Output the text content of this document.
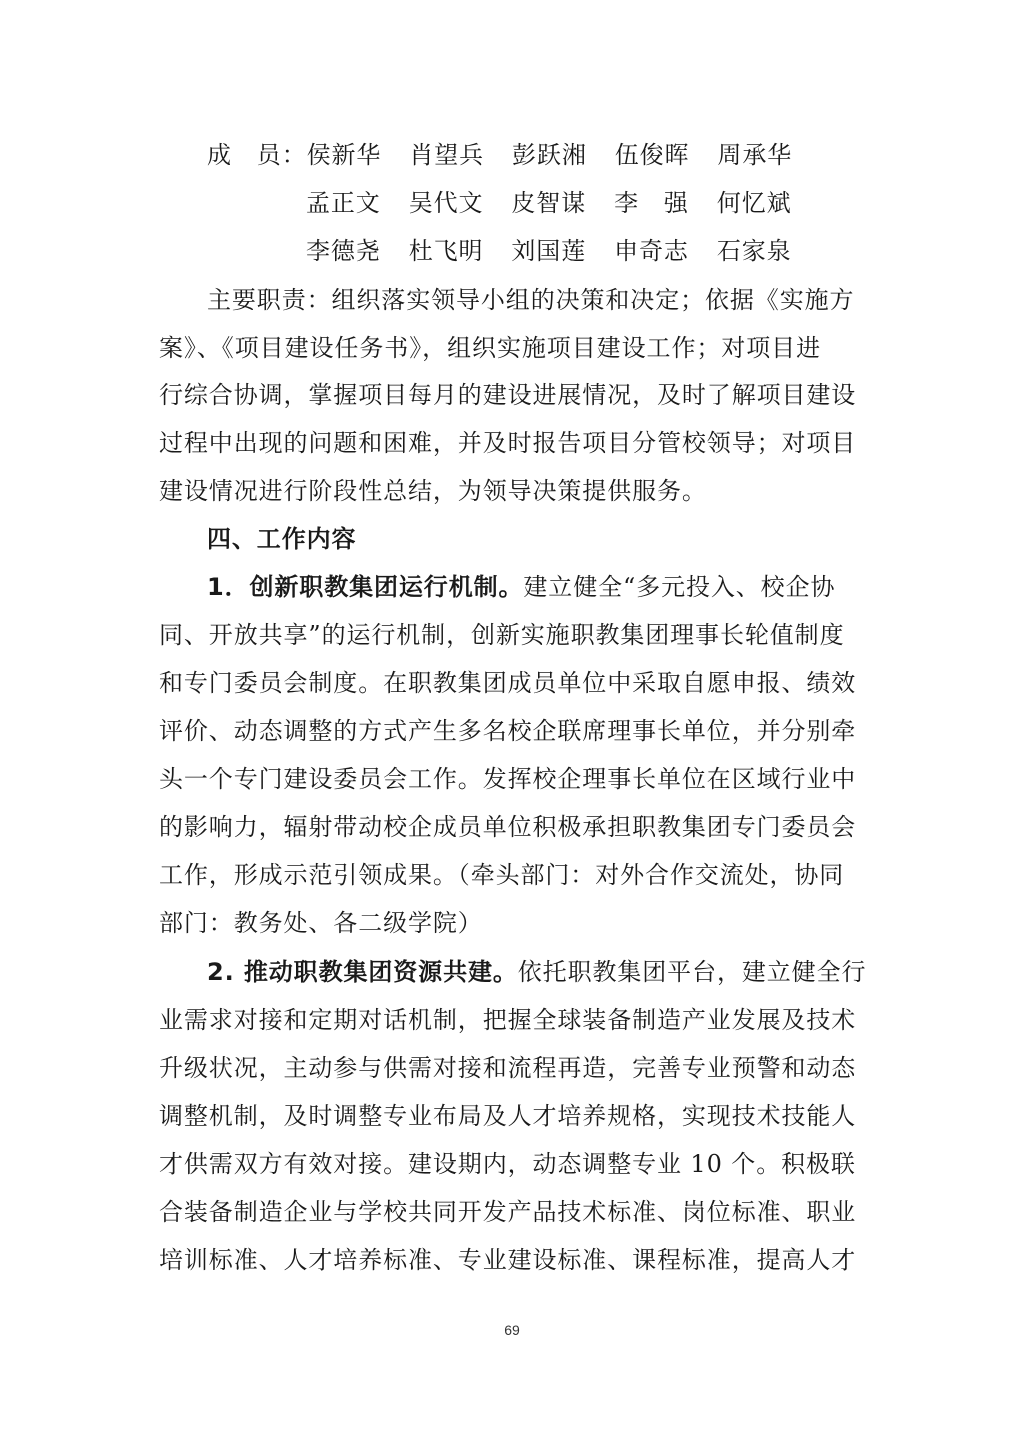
成　员：侯新华 肖望兵 彭跃湘 伍俊晖 周承华
孟正文 吴代文 皮智谋 李　强 何忆斌
李德尧 杜飞明 刘国莲 申奇志 石家泉
主要职责：组织落实领导小组的决策和决定；依据《实施方
案》、《项目建设任务书》，组织实施项目建设工作；对项目进
行综合协调，掌握项目每月的建设进展情况，及时了解项目建设
过程中出现的问题和困难，并及时报告项目分管校领导；对项目
建设情况进行阶段性总结，为领导决策提供服务。
四、工作内容
1．创新职教集团运行机制。建立健全“多元投入、校企协
同、开放共享”的运行机制，创新实施职教集团理事长轮值制度
和专门委员会制度。在职教集团成员单位中采取自愿申报、绩效
评价、动态调整的方式产生多名校企联席理事长单位，并分别牵
头一个专门建设委员会工作。发挥校企理事长单位在区域行业中
的影响力，辐射带动校企成员单位积极承担职教集团专门委员会
工作，形成示范引领成果。（牵头部门：对外合作交流处，协同
部门：教务处、各二级学院）
2. 推动职教集团资源共建。依托职教集团平台，建立健全行
业需求对接和定期对话机制，把握全球装备制造产业发展及技术
升级状况，主动参与供需对接和流程再造，完善专业预警和动态
调整机制，及时调整专业布局及人才培养规格，实现技术技能人
才供需双方有效对接。建设期内，动态调整专业 10 个。积极联
合装备制造企业与学校共同开发产品技术标准、岗位标准、职业
培训标准、人才培养标准、专业建设标准、课程标准，提高人才
69
